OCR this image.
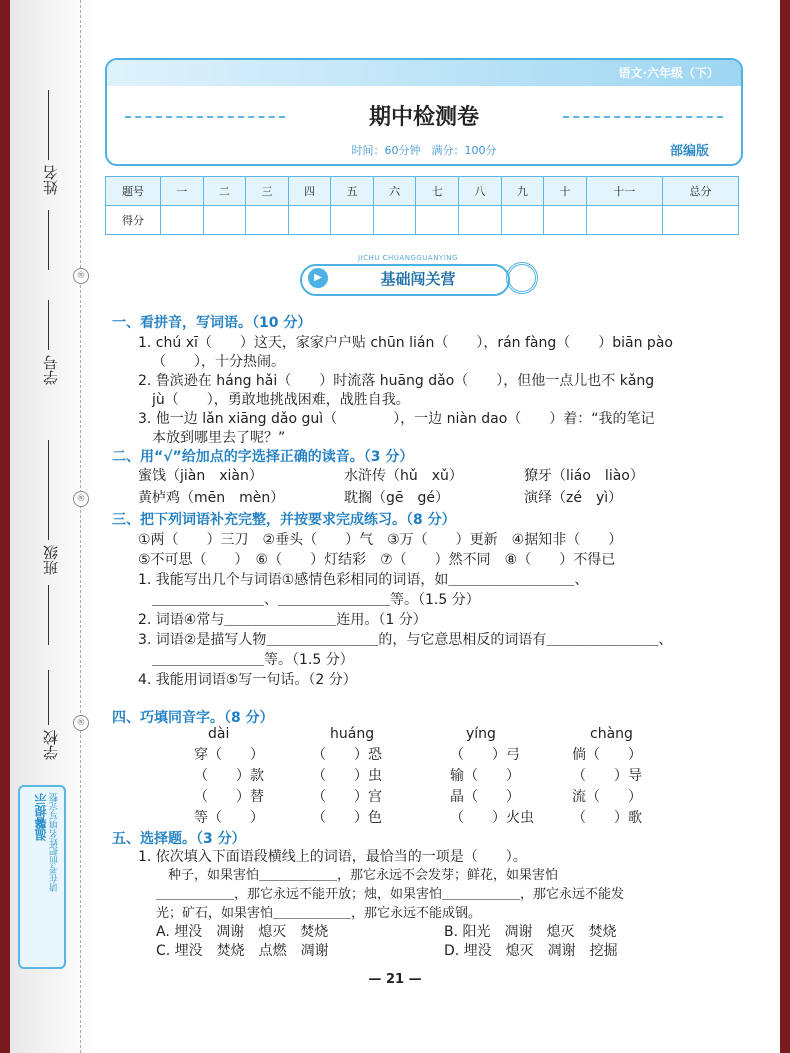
姓名
®
学号
®
班级
®
学校
温馨提示 请在考前把姓名填写完整
语文·六年级（下）
期中检测卷
时间：60分钟　满分：100分	部编版
题号	一	二	三	四	五	六	七	八	九	十	十一	总分
得分												
▶
JICHU CHUANGGUANYING
基础闯关营
一、看拼音，写词语。（10 分）
1. chú xī（　　）这天，家家户户贴 chūn lián（　　），rán fàng（　　）biān pào
（　　），十分热闹。
2. 鲁滨逊在 háng hǎi（　　）时流落 huāng dǎo（　　），但他一点儿也不 kǎng
jù（　　），勇敢地挑战困难，战胜自我。
3. 他一边 lǎn xiāng dǎo guì（　　　　），一边 niàn dao（　　）着：“我的笔记
本放到哪里去了呢？”
二、用“√”给加点的字选择正确的读音。（3 分）
蜜饯（jiàn　xiàn）	水浒传（hǔ　xǔ）	獠牙（liáo　liào）
黄栌鸡（mēn　mèn）	耽搁（gē　gé）	演绎（zé　yì）
三、把下列词语补充完整，并按要求完成练习。（8 分）
①两（　　）三刀　②垂头（　　）气　③万（　　）更新　④据知非（　　）
⑤不可思（　　）　⑥（　　）灯结彩　⑦（　　）然不同　⑧（　　）不得已
1. 我能写出几个与词语①感情色彩相同的词语，如＿＿＿＿＿＿＿＿＿、
＿＿＿＿＿＿＿＿、＿＿＿＿＿＿＿＿等。（1.5 分）
2. 词语④常与＿＿＿＿＿＿＿＿连用。（1 分）
3. 词语②是描写人物＿＿＿＿＿＿＿＿的，与它意思相反的词语有＿＿＿＿＿＿＿＿、
＿＿＿＿＿＿＿＿等。（1.5 分）
4. 我能用词语⑤写一句话。（2 分）
四、巧填同音字。（8 分）
dài	huáng	yíng	chàng
穿（　　）	（　　）恐	（　　）弓	倘（　　）
（　　）款	（　　）虫	输（　　）	（　　）导
（　　）替	（　　）宫	晶（　　）	流（　　）
等（　　）	（　　）色	（　　）火虫	（　　）歌
五、选择题。（3 分）
1. 依次填入下面语段横线上的词语，最恰当的一项是（　　）。
种子，如果害怕＿＿＿＿＿＿，那它永远不会发芽；鲜花，如果害怕
＿＿＿＿＿＿，那它永远不能开放；烛，如果害怕＿＿＿＿＿＿，那它永远不能发
光；矿石，如果害怕＿＿＿＿＿＿，那它永远不能成钢。
A. 埋没　凋谢　熄灭　焚烧	B. 阳光　凋谢　熄灭　焚烧
C. 埋没　焚烧　点燃　凋谢	D. 埋没　熄灭　凋谢　挖掘
— 21 —
